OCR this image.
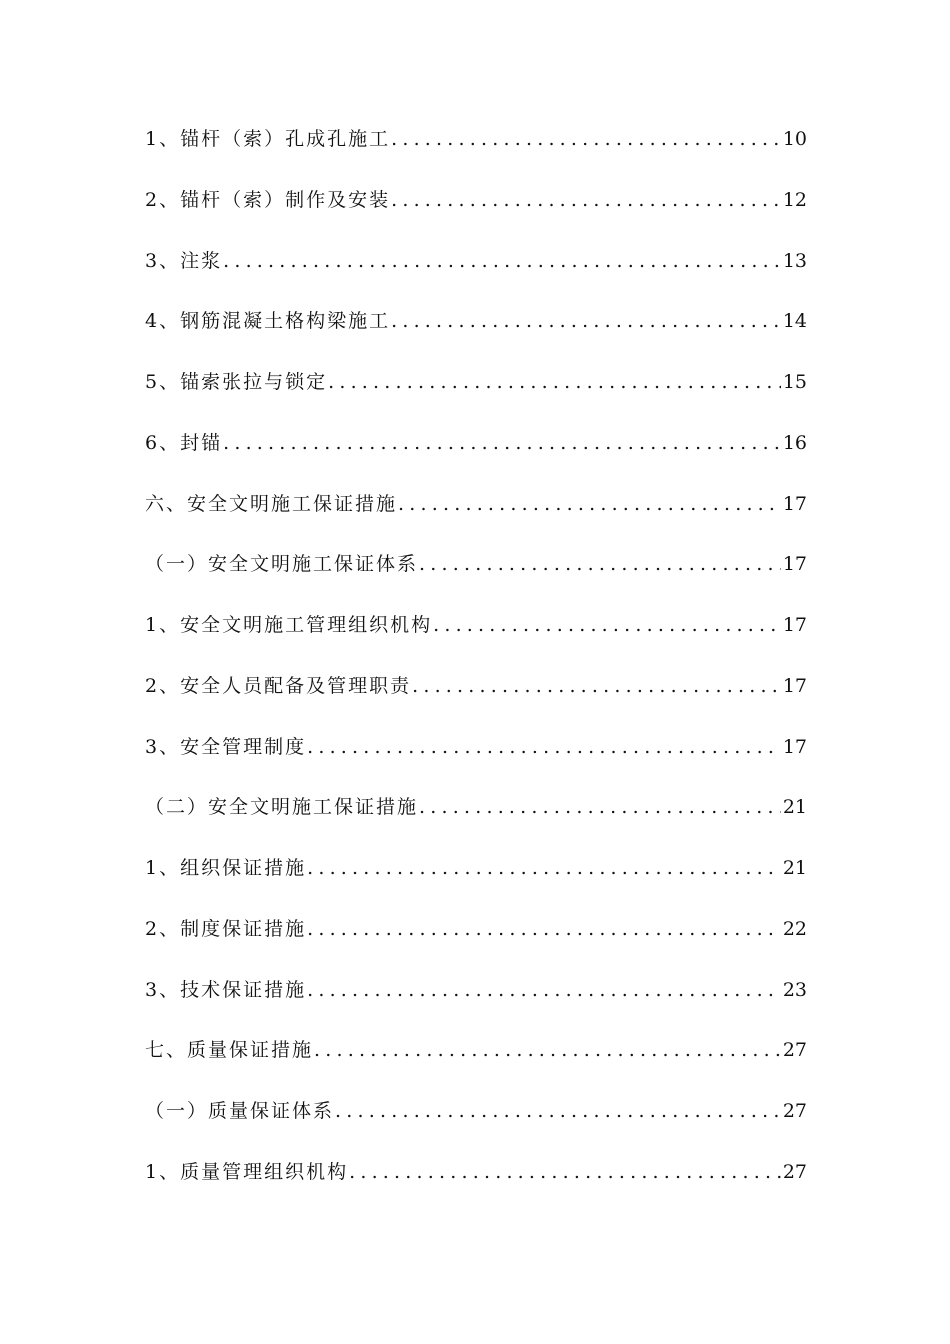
1、锚杆（索）孔成孔施工 .....	10
2、锚杆（索）制作及安装 .....	12
3、注浆 .....	13
4、钢筋混凝土格构梁施工 .....	14
5、锚索张拉与锁定 .....	15
6、封锚 .....	16
六、安全文明施工保证措施 .....	17
（一）安全文明施工保证体系 .....	17
1、安全文明施工管理组织机构 .....	17
2、安全人员配备及管理职责 .....	17
3、安全管理制度 .....	17
（二）安全文明施工保证措施 .....	21
1、组织保证措施 .....	21
2、制度保证措施 .....	22
3、技术保证措施 .....	23
七、质量保证措施 .....	27
（一）质量保证体系 .....	27
1、质量管理组织机构 .....	27
